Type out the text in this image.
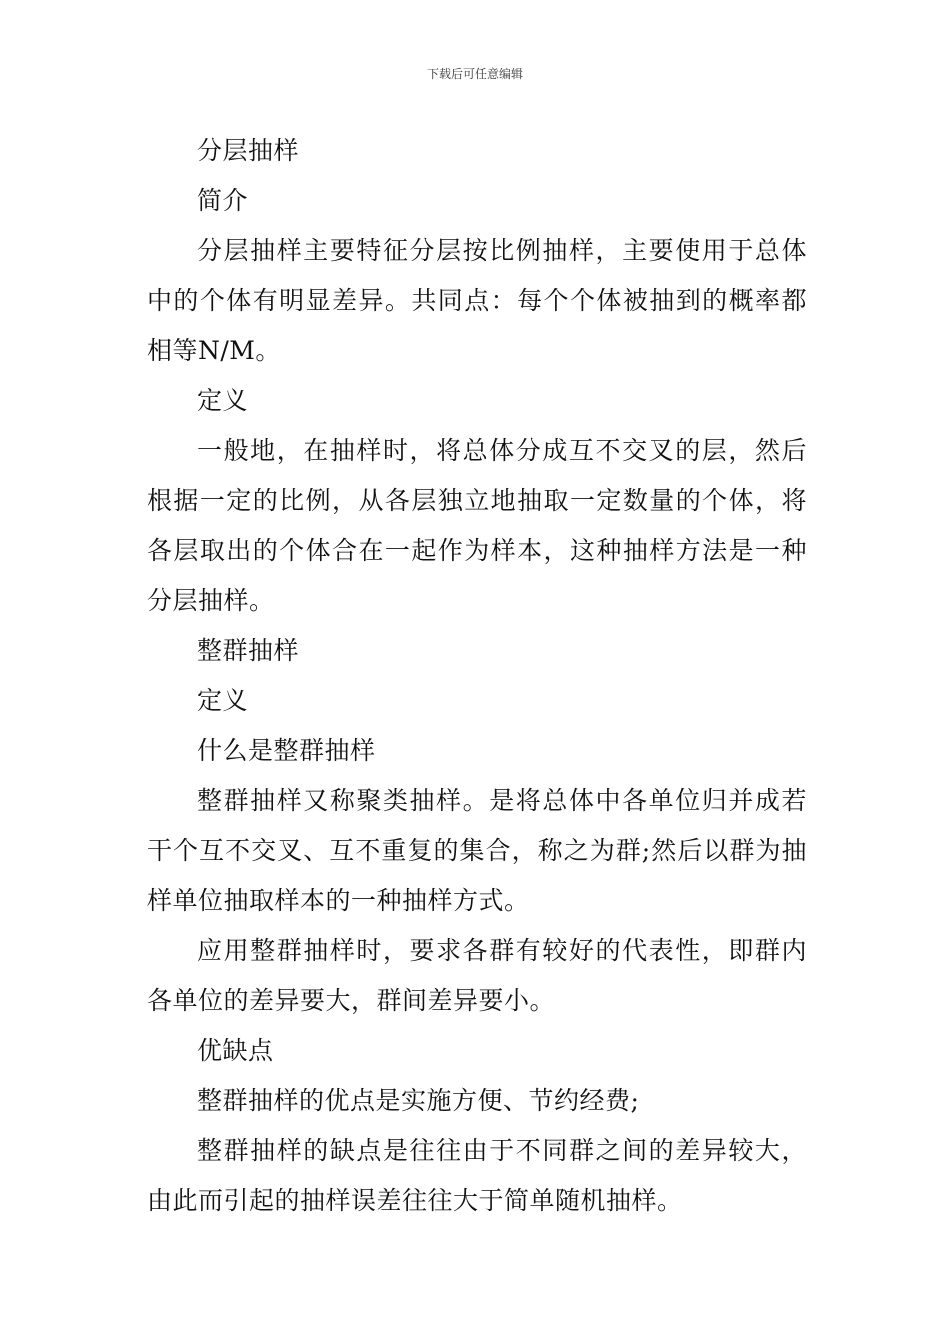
下载后可任意编辑

分层抽样

简介

分层抽样主要特征分层按比例抽样，主要使用于总体中的个体有明显差异。共同点：每个个体被抽到的概率都相等N/M。

定义

一般地，在抽样时，将总体分成互不交叉的层，然后根据一定的比例，从各层独立地抽取一定数量的个体，将各层取出的个体合在一起作为样本，这种抽样方法是一种分层抽样。

整群抽样

定义

什么是整群抽样

整群抽样又称聚类抽样。是将总体中各单位归并成若干个互不交叉、互不重复的集合，称之为群;然后以群为抽样单位抽取样本的一种抽样方式。

应用整群抽样时，要求各群有较好的代表性，即群内各单位的差异要大，群间差异要小。

优缺点

整群抽样的优点是实施方便、节约经费;

整群抽样的缺点是往往由于不同群之间的差异较大，由此而引起的抽样误差往往大于简单随机抽样。
